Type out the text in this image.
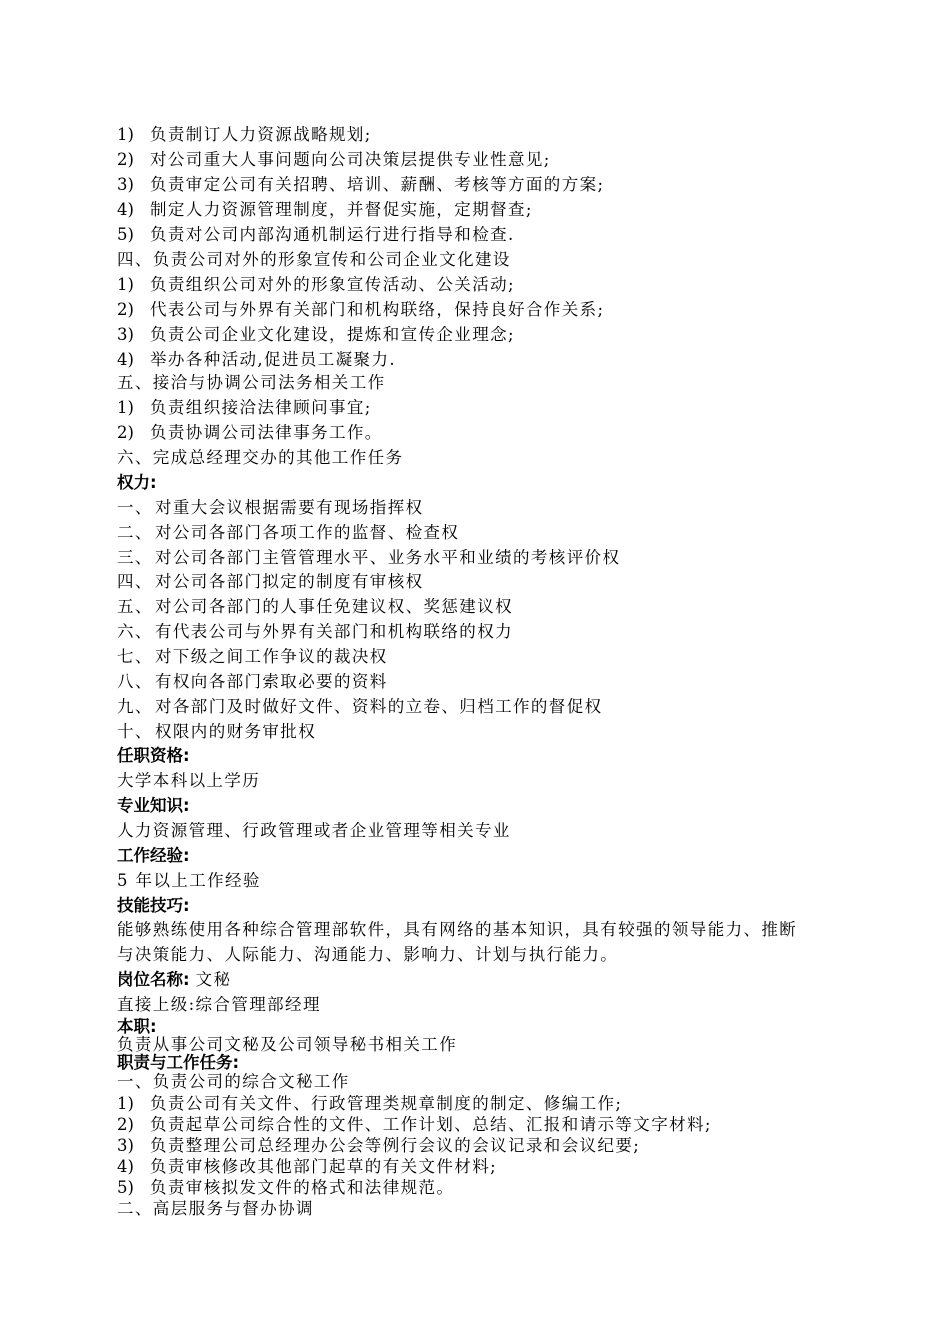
1) 负责制订人力资源战略规划;
2) 对公司重大人事问题向公司决策层提供专业性意见;
3) 负责审定公司有关招聘、培训、薪酬、考核等方面的方案;
4) 制定人力资源管理制度，并督促实施，定期督查;
5) 负责对公司内部沟通机制运行进行指导和检查.
四、负责公司对外的形象宣传和公司企业文化建设
1) 负责组织公司对外的形象宣传活动、公关活动;
2) 代表公司与外界有关部门和机构联络，保持良好合作关系;
3) 负责公司企业文化建设，提炼和宣传企业理念;
4) 举办各种活动,促进员工凝聚力.
五、接洽与协调公司法务相关工作
1) 负责组织接洽法律顾问事宜;
2) 负责协调公司法律事务工作。
六、完成总经理交办的其他工作任务
权力:
一、 对重大会议根据需要有现场指挥权
二、 对公司各部门各项工作的监督、检查权
三、 对公司各部门主管管理水平、业务水平和业绩的考核评价权
四、 对公司各部门拟定的制度有审核权
五、 对公司各部门的人事任免建议权、奖惩建议权
六、 有代表公司与外界有关部门和机构联络的权力
七、 对下级之间工作争议的裁决权
八、 有权向各部门索取必要的资料
九、 对各部门及时做好文件、资料的立卷、归档工作的督促权
十、 权限内的财务审批权
任职资格:
大学本科以上学历
专业知识:
人力资源管理、行政管理或者企业管理等相关专业
工作经验:
5 年以上工作经验
技能技巧:
能够熟练使用各种综合管理部软件，具有网络的基本知识，具有较强的领导能力、推断
与决策能力、人际能力、沟通能力、影响力、计划与执行能力。
岗位名称: 文秘
直接上级:综合管理部经理
本职:
负责从事公司文秘及公司领导秘书相关工作
职责与工作任务:
一、负责公司的综合文秘工作
1) 负责公司有关文件、行政管理类规章制度的制定、修编工作;
2) 负责起草公司综合性的文件、工作计划、总结、汇报和请示等文字材料;
3) 负责整理公司总经理办公会等例行会议的会议记录和会议纪要;
4) 负责审核修改其他部门起草的有关文件材料;
5) 负责审核拟发文件的格式和法律规范。
二、高层服务与督办协调
